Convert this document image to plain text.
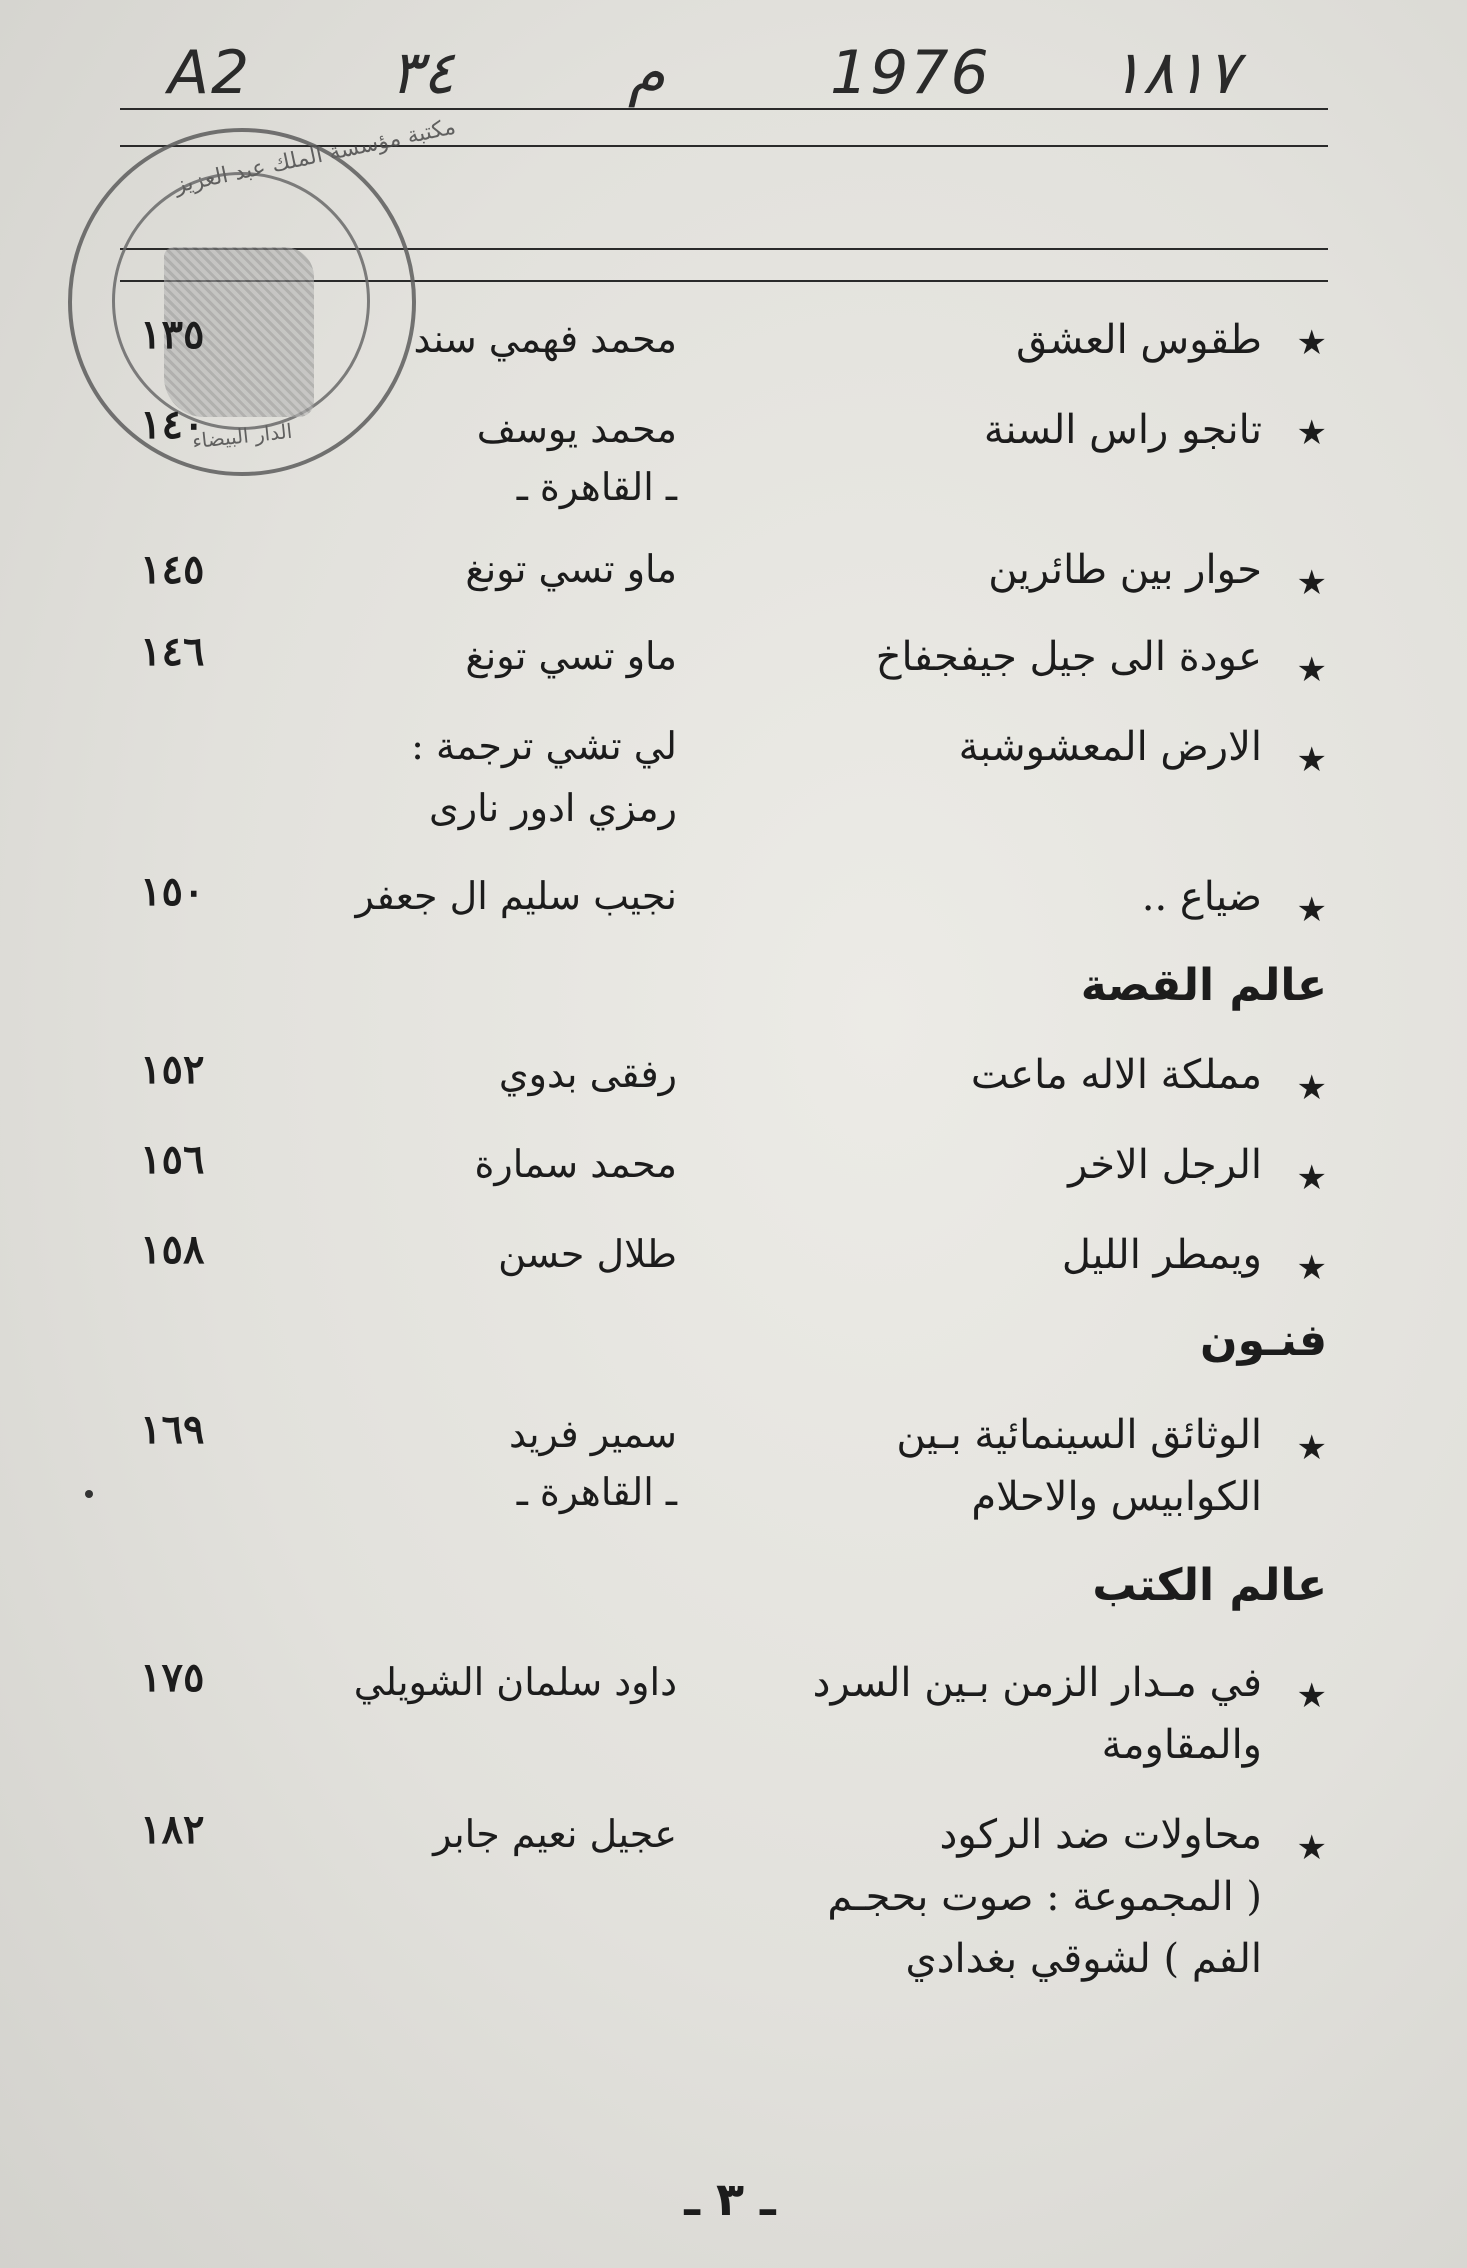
A2 ٣٤	م	1976 ١٨١٧
مكتبة مؤسسة الملك عبد العزيز
الدار البيضاء
★
طقوس العشق
محمد فهمي سند
١٣٥
★
تانجو راس السنة
محمد يوسف
ـ القاهرة ـ
١٤٠
★
حوار بين طائرين
ماو تسي تونغ
١٤٥
★
عودة الى جيل جيفجفاخ
ماو تسي تونغ
١٤٦
★
الارض المعشوشبة
لي تشي ترجمة :
رمزي ادور نارى
★
ضياع ..
نجيب سليم ال جعفر
١٥٠
عالم القصة
★
مملكة الاله ماعت
رفقى بدوي
١٥٢
★
الرجل الاخر
محمد سمارة
١٥٦
★
ويمطر الليل
طلال حسن
١٥٨
فنـون
★
الوثائق السينمائية بـين
الكوابيس والاحلام
سمير فريد
ـ القاهرة ـ
١٦٩
عالم الكتب
★
في مـدار الزمن بـين السرد
والمقاومة
داود سلمان الشويلي
١٧٥
★
محاولات ضد الركود
( المجموعة : صوت بحجـم
الفم ) لشوقي بغدادي
عجيل نعيم جابر
١٨٢
ـ ٣ ـ
